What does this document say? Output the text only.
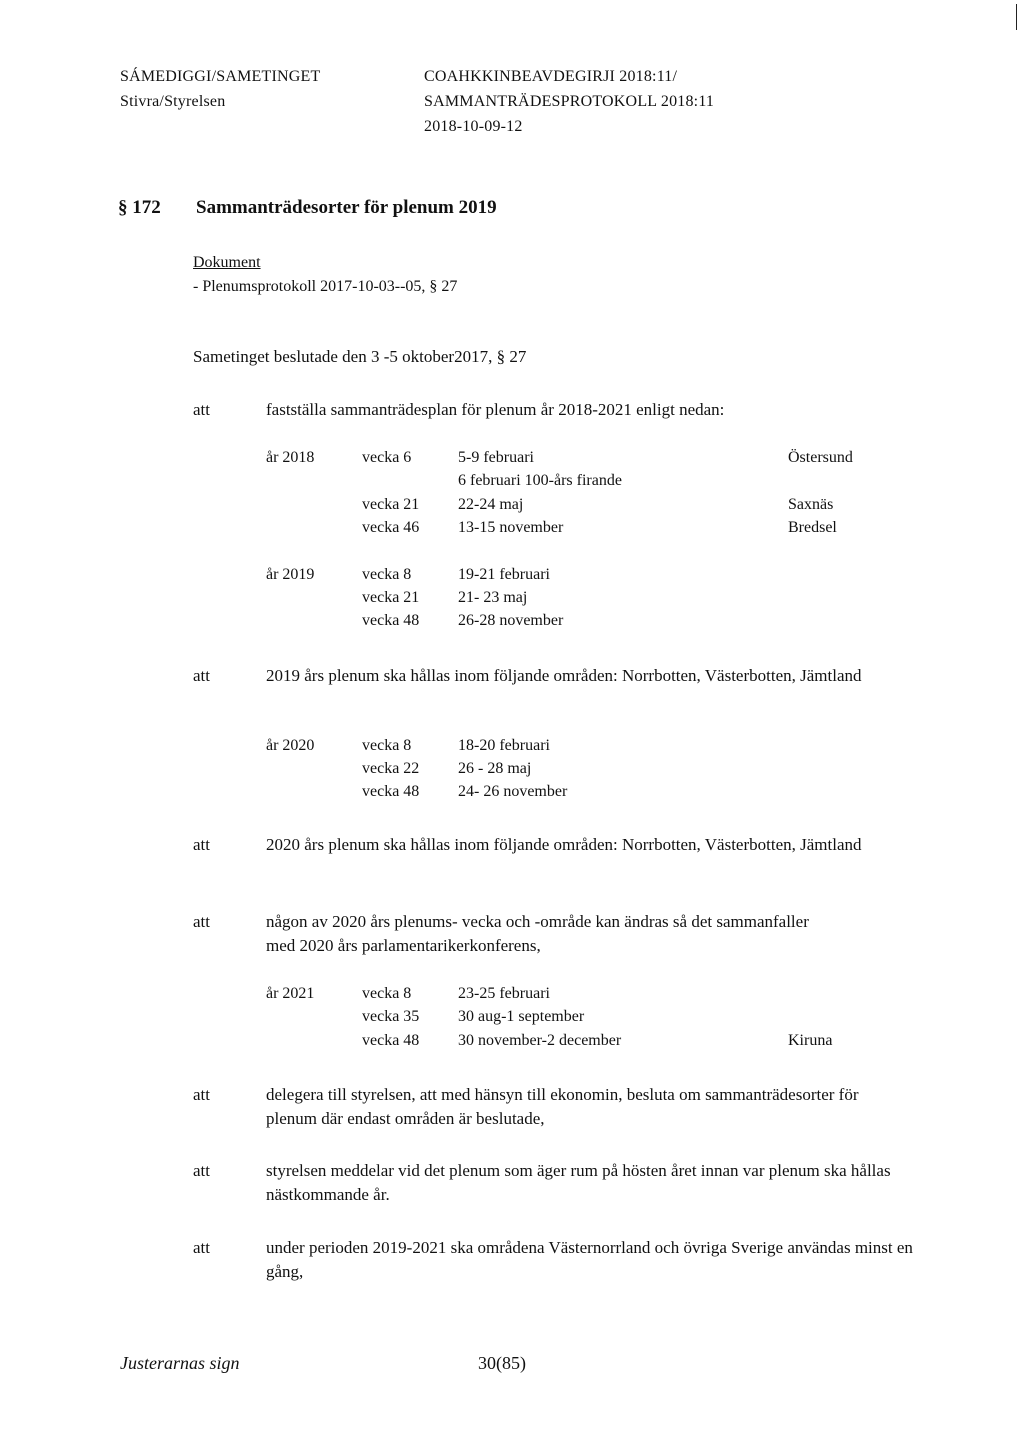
SÁMEDIGGI/SAMETINGET
Stivra/Styrelsen
COAHKKINBEAVDEGIRJI 2018:11/
SAMMANTRÄDESPROTOKOLL 2018:11
2018-10-09-12
§ 172 Sammanträdesorter för plenum 2019
Dokument
- Plenumsprotokoll 2017-10-03--05, § 27
Sametinget beslutade den 3 -5 oktober2017, § 27
att	fastställa sammanträdesplan för plenum år 2018-2021 enligt nedan:
år 2018	vecka 6	5-9 februari	Östersund
6 februari 100-års firande
vecka 21 22-24 maj	Saxnäs
vecka 46 13-15 november	Bredsel
år 2019	vecka 8	19-21 februari
vecka 21 21- 23 maj
vecka 48 26-28 november
att	2019 års plenum ska hållas inom följande områden: Norrbotten, Västerbotten, Jämtland
år 2020	vecka 8	18-20 februari
vecka 22 26 - 28 maj
vecka 48 24- 26 november
att	2020 års plenum ska hållas inom följande områden: Norrbotten, Västerbotten, Jämtland
att	någon av 2020 års plenums- vecka och -område kan ändras så det sammanfaller med 2020 års parlamentarikerkonferens,
år 2021	vecka 8	23-25 februari
vecka 35 30 aug-1 september
vecka 48 30 november-2 december	Kiruna
att	delegera till styrelsen, att med hänsyn till ekonomin, besluta om sammanträdesorter för plenum där endast områden är beslutade,
att	styrelsen meddelar vid det plenum som äger rum på hösten året innan var plenum ska hållas nästkommande år.
att	under perioden 2019-2021 ska områdena Västernorrland och övriga Sverige användas minst en gång,
Justerarnas sign	30(85)
